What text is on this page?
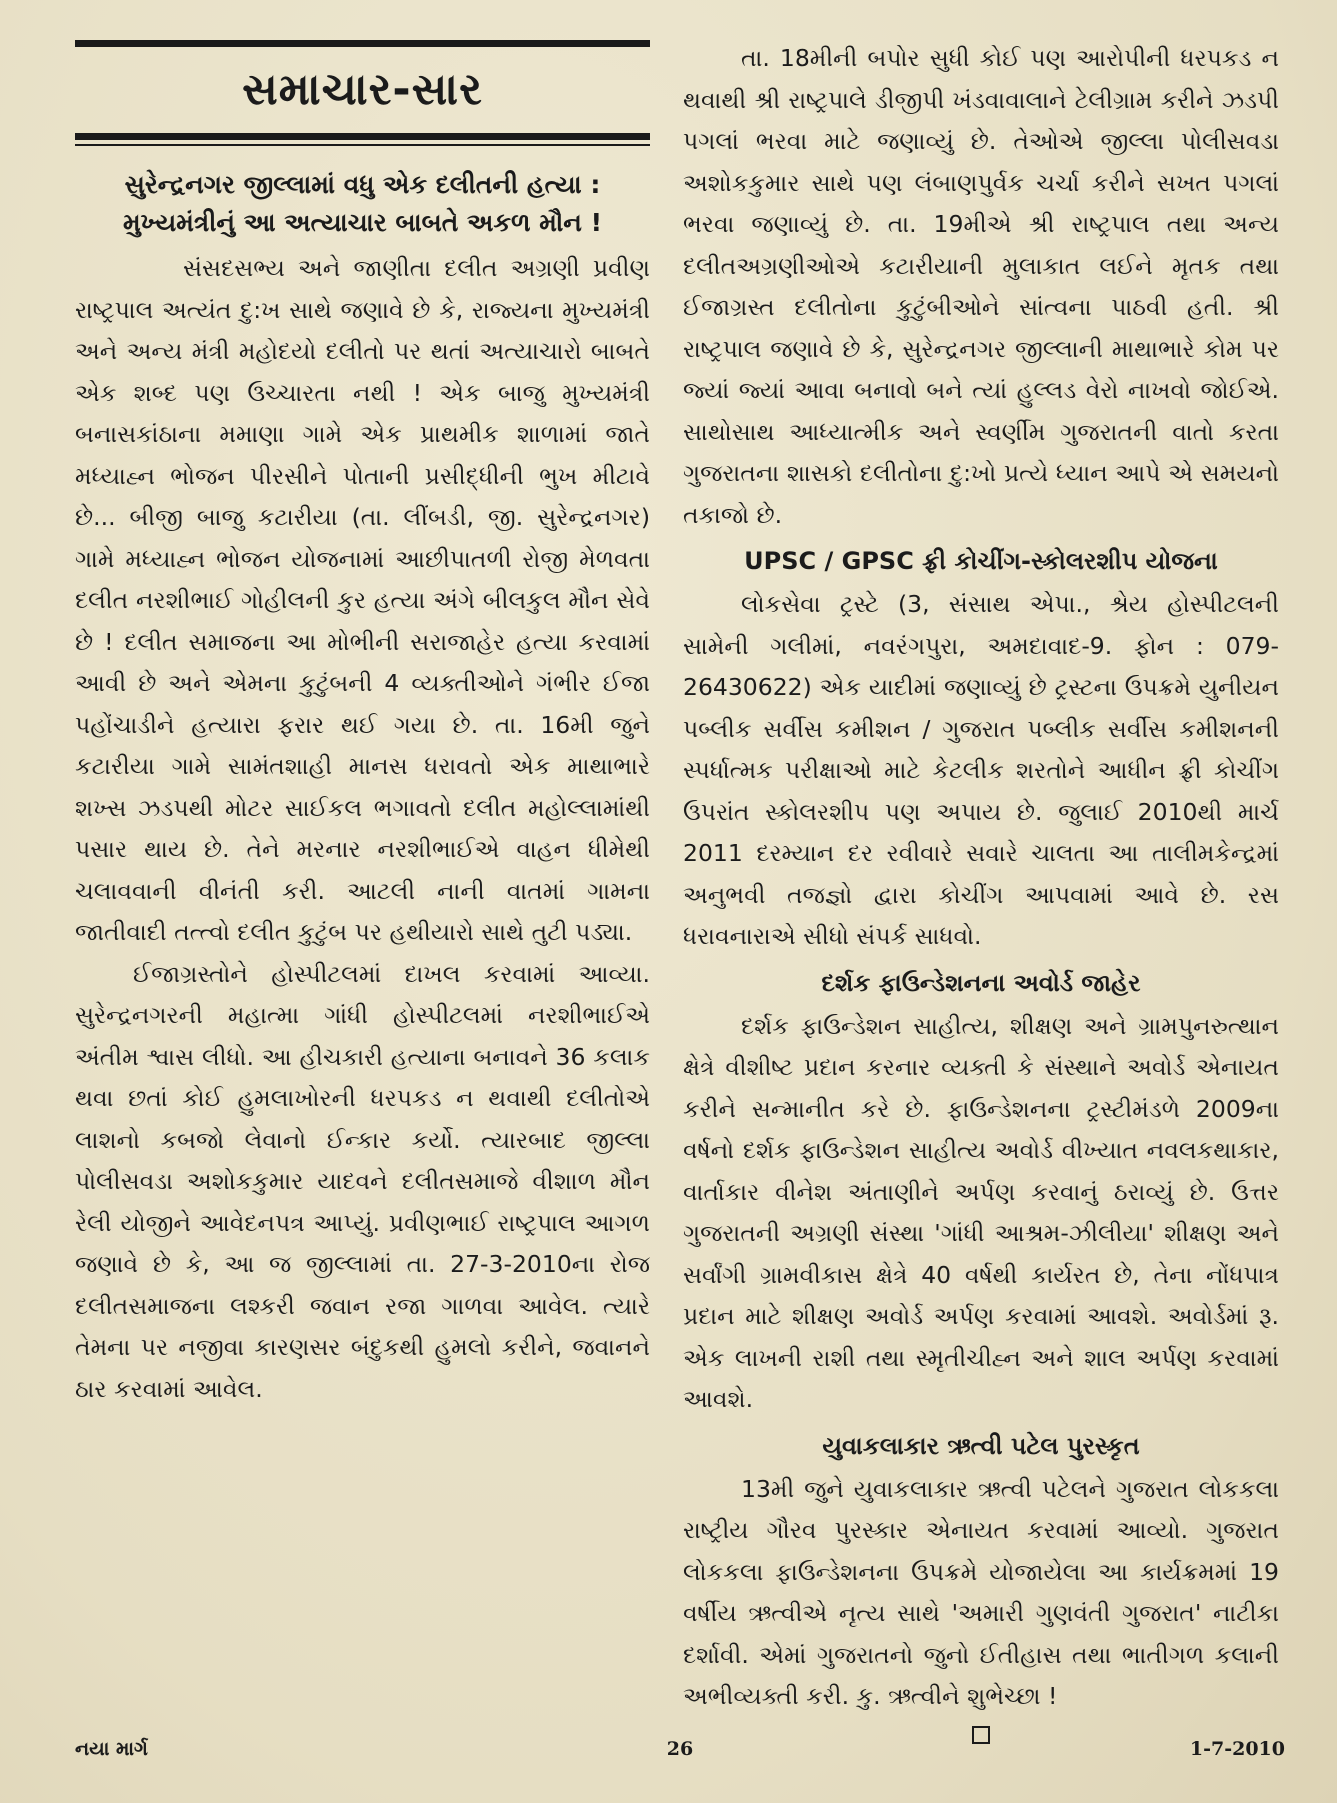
સમાચાર-સાર
સુરેન્દ્રનગર જીલ્લામાં વધુ એક દલીતની હત્યા :
મુખ્યમંત્રીનું આ અત્યાચાર બાબતે અકળ મૌન !

સંસદસભ્ય અને જાણીતા દલીત અગ્રણી પ્રવીણ રાષ્ટ્રપાલ અત્યંત દુ:ખ સાથે જણાવે છે કે, રાજ્યના મુખ્યમંત્રી અને અન્ય મંત્રી મહોદયો દલીતો પર થતાં અત્યાચારો બાબતે એક શબ્દ પણ ઉચ્ચારતા નથી ! એક બાજુ મુખ્યમંત્રી બનાસકાંઠાના મમાણા ગામે એક પ્રાથમીક શાળામાં જાતે મધ્યાહ્ન ભોજન પીરસીને પોતાની પ્રસીદ્ધીની ભુખ મીટાવે છે... બીજી બાજુ કટારીયા (તા. લીંબડી, જી. સુરેન્દ્રનગર) ગામે મધ્યાહ્ન ભોજન યોજનામાં આછીપાતળી રોજી મેળવતા દલીત નરશીભાઈ ગોહીલની કુર હત્યા અંગે બીલકુલ મૌન સેવે છે ! દલીત સમાજના આ મોભીની સરાજાહેર હત્યા કરવામાં આવી છે અને એમના કુટુંબની 4 વ્યક્તીઓને ગંભીર ઈજા પહોંચાડીને હત્યારા ફરાર થઈ ગયા છે. તા. 16મી જુને કટારીયા ગામે સામંતશાહી માનસ ધરાવતો એક માથાભારે શખ્સ ઝડપથી મોટર સાઈકલ ભગાવતો દલીત મહોલ્લામાંથી પસાર થાય છે. તેને મરનાર નરશીભાઈએ વાહન ધીમેથી ચલાવવાની વીનંતી કરી. આટલી નાની વાતમાં ગામના જાતીવાદી તત્ત્વો દલીત કુટુંબ પર હથીયારો સાથે તુટી પડ્યા.

ઈજાગ્રસ્તોને હોસ્પીટલમાં દાખલ કરવામાં આવ્યા. સુરેન્દ્રનગરની મહાત્મા ગાંધી હોસ્પીટલમાં નરશીભાઈએ અંતીમ શ્વાસ લીધો. આ હીચકારી હત્યાના બનાવને 36 કલાક થવા છતાં કોઈ હુમલાખોરની ધરપકડ ન થવાથી દલીતોએ લાશનો કબજો લેવાનો ઈન્કાર કર્યો. ત્યારબાદ જીલ્લા પોલીસવડા અશોકકુમાર યાદવને દલીતસમાજે વીશાળ મૌન રેલી યોજીને આવેદનપત્ર આપ્યું. પ્રવીણભાઈ રાષ્ટ્રપાલ આગળ જણાવે છે કે, આ જ જીલ્લામાં તા. 27-3-2010ના રોજ દલીતસમાજના લશ્કરી જવાન રજા ગાળવા આવેલ. ત્યારે તેમના પર નજીવા કારણસર બંદુકથી હુમલો કરીને, જવાનને ઠાર કરવામાં આવેલ.

તા. 18મીની બપોર સુધી કોઈ પણ આરોપીની ધરપકડ ન થવાથી શ્રી રાષ્ટ્રપાલે ડીજીપી ખંડવાવાલાને ટેલીગ્રામ કરીને ઝડપી પગલાં ભરવા માટે જણાવ્યું છે. તેઓએ જીલ્લા પોલીસવડા અશોકકુમાર સાથે પણ લંબાણપુર્વક ચર્ચા કરીને સખત પગલાં ભરવા જણાવ્યું છે. તા. 19મીએ શ્રી રાષ્ટ્રપાલ તથા અન્ય દલીતઅગ્રણીઓએ કટારીયાની મુલાકાત લઈને મૃતક તથા ઈજાગ્રસ્ત દલીતોના કુટુંબીઓને સાંત્વના પાઠવી હતી. શ્રી રાષ્ટ્રપાલ જણાવે છે કે, સુરેન્દ્રનગર જીલ્લાની માથાભારે કોમ પર જ્યાં જ્યાં આવા બનાવો બને ત્યાં હુલ્લડ વેરો નાખવો જોઈએ. સાથોસાથ આધ્યાત્મીક અને સ્વર્ણીમ ગુજરાતની વાતો કરતા ગુજરાતના શાસકો દલીતોના દુ:ખો પ્રત્યે ધ્યાન આપે એ સમયનો તકાજો છે.

UPSC / GPSC ફ્રી કોચીંગ-સ્કોલરશીપ યોજના

લોકસેવા ટ્રસ્ટે (3, સંસાથ એપા., શ્રેય હોસ્પીટલની સામેની ગલીમાં, નવરંગપુરા, અમદાવાદ-9. ફોન : 079-26430622) એક યાદીમાં જણાવ્યું છે ટ્રસ્ટના ઉપક્રમે યુનીયન પબ્લીક સર્વીસ કમીશન / ગુજરાત પબ્લીક સર્વીસ કમીશનની સ્પર્ધાત્મક પરીક્ષાઓ માટે કેટલીક શરતોને આધીન ફ્રી કોચીંગ ઉપરાંત સ્કોલરશીપ પણ અપાય છે. જુલાઈ 2010થી માર્ચ 2011 દરમ્યાન દર રવીવારે સવારે ચાલતા આ તાલીમકેન્દ્રમાં અનુભવી તજજ્ઞો દ્વારા કોચીંગ આપવામાં આવે છે. રસ ધરાવનારાએ સીધો સંપર્ક સાધવો.

દર્શક ફાઉન્ડેશનના અવોર્ડ જાહેર

દર્શક ફાઉન્ડેશન સાહીત્ય, શીક્ષણ અને ગ્રામપુનરુત્થાન ક્ષેત્રે વીશીષ્ટ પ્રદાન કરનાર વ્યક્તી કે સંસ્થાને અવોર્ડ એનાયત કરીને સન્માનીત કરે છે. ફાઉન્ડેશનના ટ્રસ્ટીમંડળે 2009ના વર્ષનો દર્શક ફાઉન્ડેશન સાહીત્ય અવોર્ડ વીખ્યાત નવલકથાકાર, વાર્તાકાર વીનેશ અંતાણીને અર્પણ કરવાનું ઠરાવ્યું છે. ઉત્તર ગુજરાતની અગ્રણી સંસ્થા 'ગાંધી આશ્રમ-ઝીલીયા' શીક્ષણ અને સર્વાંગી ગ્રામવીકાસ ક્ષેત્રે 40 વર્ષથી કાર્યરત છે, તેના નોંધપાત્ર પ્રદાન માટે શીક્ષણ અવોર્ડ અર્પણ કરવામાં આવશે. અવોર્ડમાં રૂ. એક લાખની રાશી તથા સ્મૃતીચીહ્ન અને શાલ અર્પણ કરવામાં આવશે.

યુવાકલાકાર ઋત્વી પટેલ પુરસ્કૃત

13મી જુને યુવાકલાકાર ઋત્વી પટેલને ગુજરાત લોકકલા રાષ્ટ્રીય ગૌરવ પુરસ્કાર એનાયત કરવામાં આવ્યો. ગુજરાત લોકકલા ફાઉન્ડેશનના ઉપક્રમે યોજાયેલા આ કાર્યક્રમમાં 19 વર્ષીય ઋત્વીએ નૃત્ય સાથે 'અમારી ગુણવંતી ગુજરાત' નાટીકા દર્શાવી. એમાં ગુજરાતનો જુનો ઈતીહાસ તથા ભાતીગળ કલાની અભીવ્યક્તી કરી. કુ. ઋત્વીને શુભેચ્છા !

નયા માર્ગ	26	1-7-2010
